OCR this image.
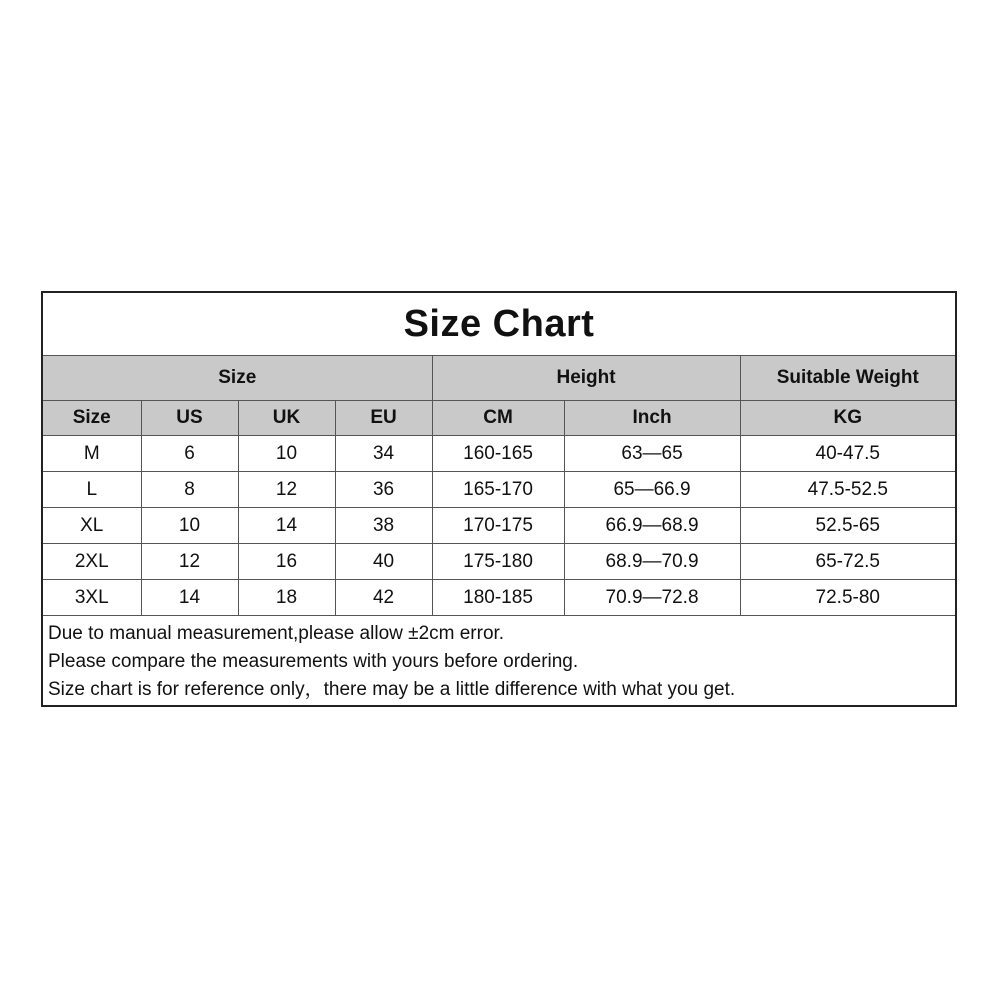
Size Chart
Size				Height		Suitable Weight
Size	US	UK	EU	CM	Inch	KG
M	6	10	34	160-165	63—65	40-47.5
L	8	12	36	165-170	65—66.9	47.5-52.5
XL	10	14	38	170-175	66.9—68.9	52.5-65
2XL	12	16	40	175-180	68.9—70.9	65-72.5
3XL	14	18	42	180-185	70.9—72.8	72.5-80
Due to manual measurement,please allow ±2cm error.
Please compare the measurements with yours before ordering.
Size chart is for reference only，there may be a little difference with what you get.
